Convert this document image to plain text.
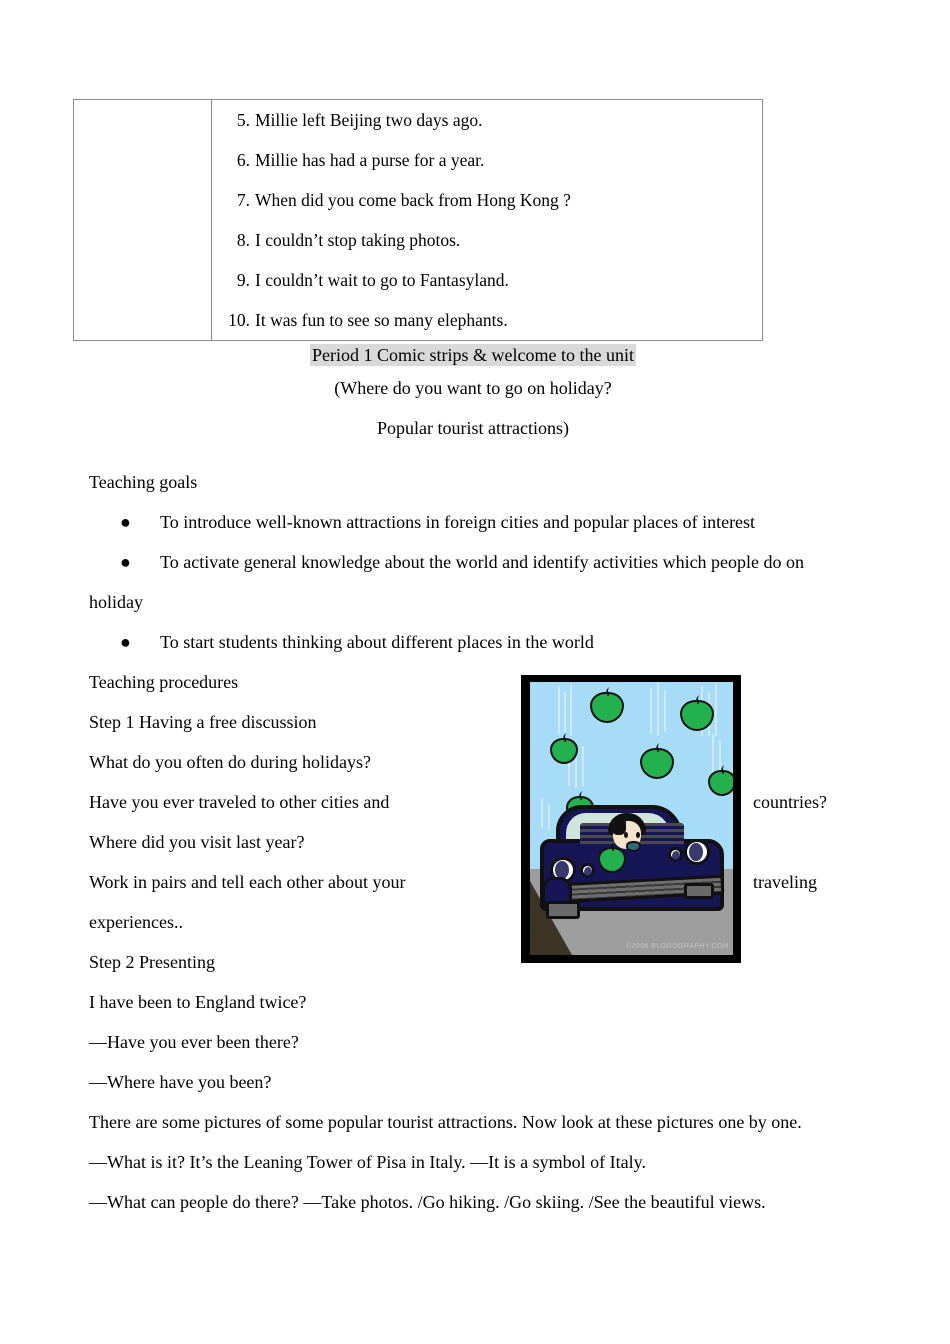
5. Millie left Beijing two days ago.
6. Millie has had a purse for a year.
7. When did you come back from Hong Kong ?
8. I couldn’t stop taking photos.
9. I couldn’t wait to go to Fantasyland.
10. It was fun to see so many elephants.
Period 1 Comic strips & welcome to the unit
(Where do you want to go on holiday?
Popular tourist attractions)
©2006 BLOGOGRAPHY.COM

Teaching goals

● To introduce well-known attractions in foreign cities and popular places of interest

● To activate general knowledge about the world and identify activities which people do on
holiday

● To start students thinking about different places in the world

Teaching procedures

Step 1 Having a free discussion

What do you often do during holidays?

Have you ever traveled to other cities and	countries?

Where did you visit last year?

Work in pairs and tell each other about your	traveling

experiences..

Step 2 Presenting

I have been to England twice?

—Have you ever been there?

—Where have you been?

There are some pictures of some popular tourist attractions. Now look at these pictures one by one.

—What is it? It’s the Leaning Tower of Pisa in Italy. —It is a symbol of Italy.

—What can people do there? —Take photos. /Go hiking. /Go skiing. /See the beautiful views.
